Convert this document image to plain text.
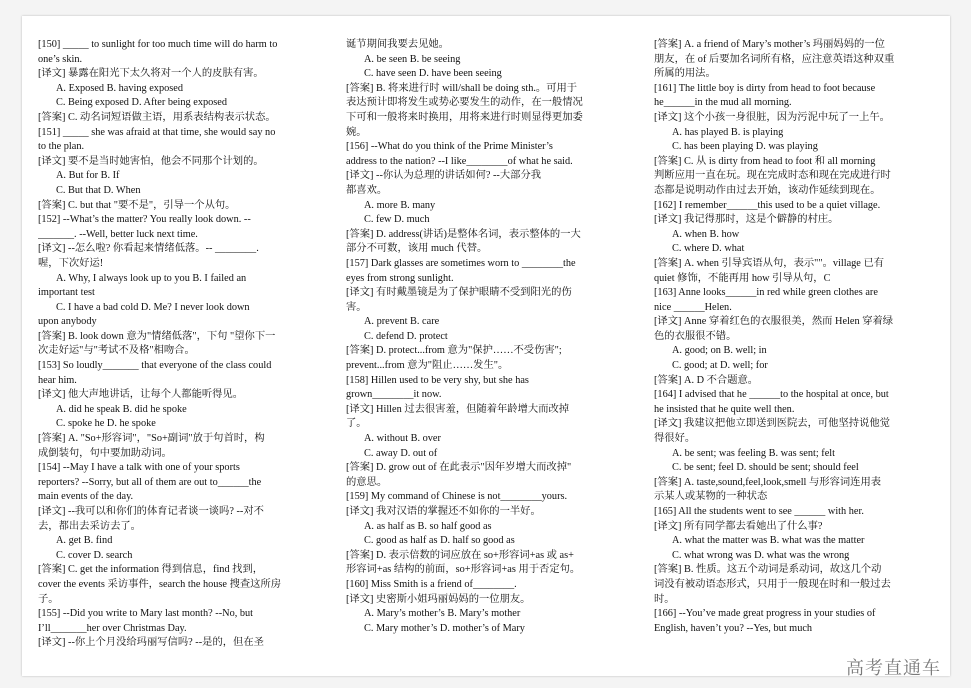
[150] _____ to sunlight for too much time will do harm to
one’s skin.
[译文] 暴露在阳光下太久将对一个人的皮肤有害。
A. Exposed B. having exposed
C. Being exposed D. After being exposed
[答案] C. 动名词短语做主语，用系表结构表示状态。
[151] _____ she was afraid at that time, she would say no
to the plan.
[译文] 要不是当时她害怕，他会不同那个计划的。
A. But for B. If
C. But that D. When
[答案] C. but that "要不是"，引导一个从句。
[152] --What’s the matter? You really look down. --
_______. --Well, better luck next time.
[译文] --怎么啦? 你看起来情绪低落。-- ________.
喔，下次好运!
A. Why, I always look up to you B. I failed an
important test
C. I have a bad cold D. Me? I never look down
upon anybody
[答案] B. look down 意为"情绪低落"，下句 "望你下一
次走好运"与"考试不及格"相吻合。
[153] So loudly_______ that everyone of the class could
hear him.
[译文] 他大声地讲话，让每个人都能听得见。
A. did he speak B. did he spoke
C. spoke he D. he spoke
[答案] A. "So+形容词"，"So+副词"放于句首时，构
成倒装句，句中要加助动词。
[154] --May I have a talk with one of your sports
reporters? --Sorry, but all of them are out to______the
main events of the day.
[译文] --我可以和你们的体育记者谈一谈吗? --对不
去，都出去采访去了。
A. get B. find
C. cover D. search
[答案] C. get the information 得到信息，find 找到，
cover the events 采访事件，search the house 搜查这所房
子。
[155] --Did you write to Mary last month? --No, but
I’ll_______her over Christmas Day.
[译文] --你上个月没给玛丽写信吗? --是的，但在圣
诞节期间我要去见她。
A. be seen B. be seeing
C. have seen D. have been seeing
[答案] B. 将来进行时 will/shall be doing sth.。可用于
表达预计即将发生或势必要发生的动作，在一般情况
下可和一般将来时换用，用将来进行时则显得更加委
婉。
[156] --What do you think of the Prime Minister’s
address to the nation? --I like________of what he said.
[译文] --你认为总理的讲话如何? --大部分我
都喜欢。
A. more B. many
C. few D. much
[答案] D. address(讲话)是整体名词，表示整体的一大
部分不可数，该用 much 代替。
[157] Dark glasses are sometimes worn to ________the
eyes from strong sunlight.
[译文] 有时戴墨镜是为了保护眼睛不受到阳光的伤
害。
A. prevent B. care
C. defend D. protect
[答案] D. protect...from 意为"保护……不受伤害";
prevent...from 意为"阻止……发生"。
[158] Hillen used to be very shy, but she has
grown________it now.
[译文] Hillen 过去很害羞，但随着年龄增大而改掉
了。
A. without B. over
C. away D. out of
[答案] D. grow out of 在此表示"因年岁增大而改掉"
的意思。
[159] My command of Chinese is not________yours.
[译文] 我对汉语的掌握还不如你的一半好。
A. as half as B. so half good as
C. good as half as D. half so good as
[答案] D. 表示倍数的词应放在 so+形容词+as 或 as+
形容词+as 结构的前面，so+形容词+as 用于否定句。
[160] Miss Smith is a friend of________.
[译文] 史密斯小姐玛丽妈妈的一位朋友。
A. Mary’s mother’s B. Mary’s mother
C. Mary mother’s D. mother’s of Mary
[答案] A. a friend of Mary’s mother’s 玛丽妈妈的一位
朋友，在 of 后要加名词所有格，应注意英语这种双重
所属的用法。
[161] The little boy is dirty from head to foot because
he______in the mud all morning.
[译文] 这个小孩一身很脏，因为污泥中玩了一上午。
A. has played B. is playing
C. has been playing D. was playing
[答案] C. 从 is dirty from head to foot 和 all morning
判断应用一直在玩。现在完成时态和现在完成进行时
态都是说明动作由过去开始，该动作延续到现在。
[162] I remember______this used to be a quiet village.
[译文] 我记得那时，这是个僻静的村庄。
A. when B. how
C. where D. what
[答案] A. when 引导宾语从句，表示""。village 已有
quiet 修饰，不能再用 how 引导从句，C
[163] Anne looks______in red while green clothes are
nice ______Helen.
[译文] Anne 穿着红色的衣服很美，然而 Helen 穿着绿
色的衣服很不错。
A. good; on B. well; in
C. good; at D. well; for
[答案] A. D 不合题意。
[164] I advised that he ______to the hospital at once, but
he insisted that he quite well then.
[译文] 我建议把他立即送到医院去，可他坚持说他觉
得很好。
A. be sent; was feeling B. was sent; felt
C. be sent; feel D. should be sent; should feel
[答案] A. taste,sound,feel,look,smell 与形容词连用表
示某人或某物的一种状态
[165] All the students went to see ______ with her.
[译文] 所有同学都去看她出了什么事?
A. what the matter was B. what was the matter
C. what wrong was D. what was the wrong
[答案] B. 性质。这五个动词是系动词，故这几个动
词没有被动语态形式，只用于一般现在时和一般过去
时。
[166] --You’ve made great progress in your studies of
English, haven’t you? --Yes, but much
高考直通车
